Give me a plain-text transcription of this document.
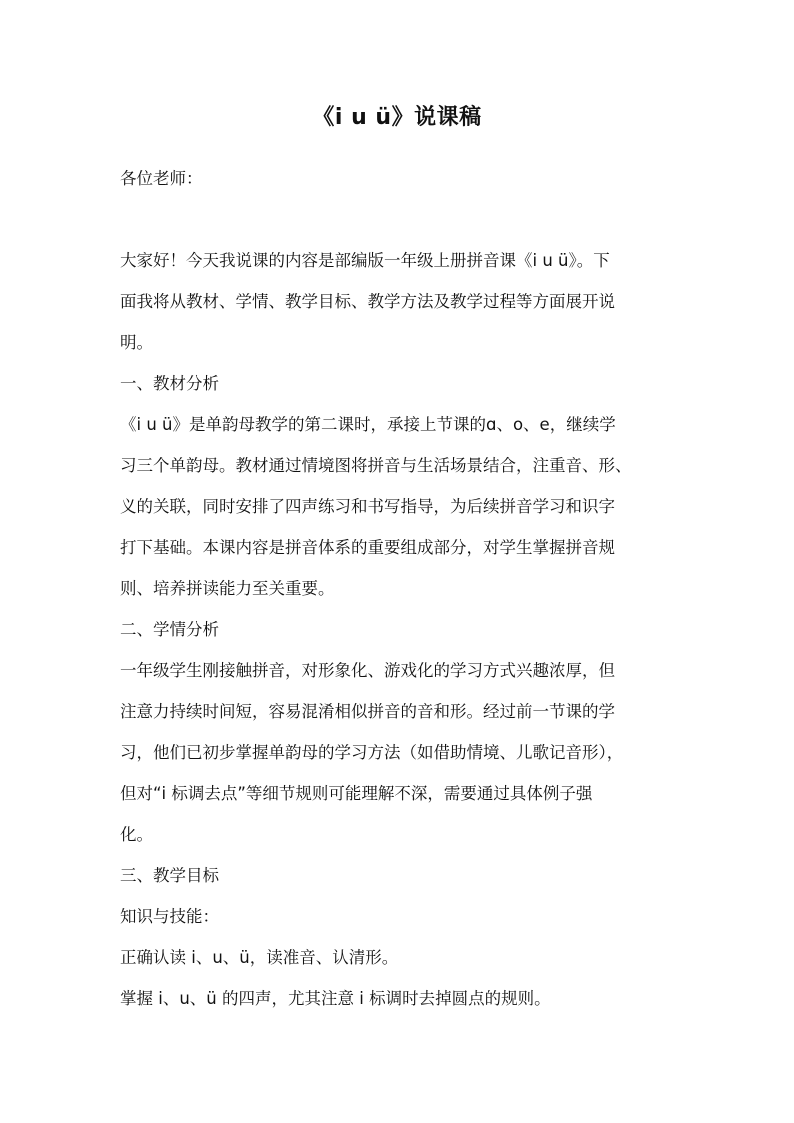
《i u ü》说课稿
各位老师：
大家好！今天我说课的内容是部编版一年级上册拼音课《i u ü》。下
面我将从教材、学情、教学目标、教学方法及教学过程等方面展开说
明。
一、教材分析
《i u ü》是单韵母教学的第二课时，承接上节课的ɑ、o、e，继续学
习三个单韵母。教材通过情境图将拼音与生活场景结合，注重音、形、
义的关联，同时安排了四声练习和书写指导，为后续拼音学习和识字
打下基础。本课内容是拼音体系的重要组成部分，对学生掌握拼音规
则、培养拼读能力至关重要。
二、学情分析
一年级学生刚接触拼音，对形象化、游戏化的学习方式兴趣浓厚，但
注意力持续时间短，容易混淆相似拼音的音和形。经过前一节课的学
习，他们已初步掌握单韵母的学习方法（如借助情境、儿歌记音形），
但对“i 标调去点”等细节规则可能理解不深，需要通过具体例子强
化。
三、教学目标
知识与技能：
正确认读 i、u、ü，读准音、认清形。
掌握 i、u、ü 的四声，尤其注意 i 标调时去掉圆点的规则。
